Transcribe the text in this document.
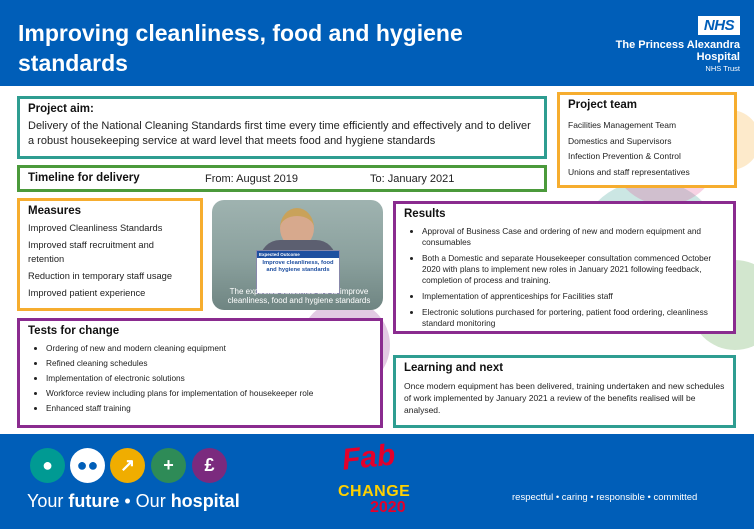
Improving cleanliness, food and hygiene standards
NHS
The Princess Alexandra
Hospital
NHS Trust
Project aim:
Delivery of the National Cleaning Standards first time every time efficiently and effectively and to deliver a robust housekeeping service at ward level that meets food and hygiene standards
Timeline for delivery	From: August 2019	To: January 2021
Project team
Facilities Management Team
Domestics and Supervisors
Infection Prevention & Control
Unions and staff representatives
Measures
Improved Cleanliness Standards
Improved staff recruitment and retention
Reduction in temporary staff usage
Improved patient experience
Expected Outcome
Improve cleanliness, food and hygiene standards
The expected outcomes are to improve cleanliness, food and hygiene standards
Results
• Approval of Business Case and ordering of new and modern equipment and consumables
• Both a Domestic and separate Housekeeper consultation commenced October 2020 with plans to implement new roles in January 2021 following feedback, completion of process and training.
• Implementation of apprenticeships for Facilities staff
• Electronic solutions purchased for portering, patient food ordering, cleanliness standard monitoring
Tests for change
• Ordering of new and modern cleaning equipment
• Refined cleaning schedules
• Implementation of electronic solutions
• Workforce review including plans for implementation of housekeeper role
• Enhanced staff training
Learning and next
Once modern equipment has been delivered, training undertaken and new schedules of work implemented by January 2021 a review of the benefits realised will be analysed.
●	●●	↗	+	£
Your future • Our hospital
Fab
CHANGE
2020
respectful • caring • responsible • committed
